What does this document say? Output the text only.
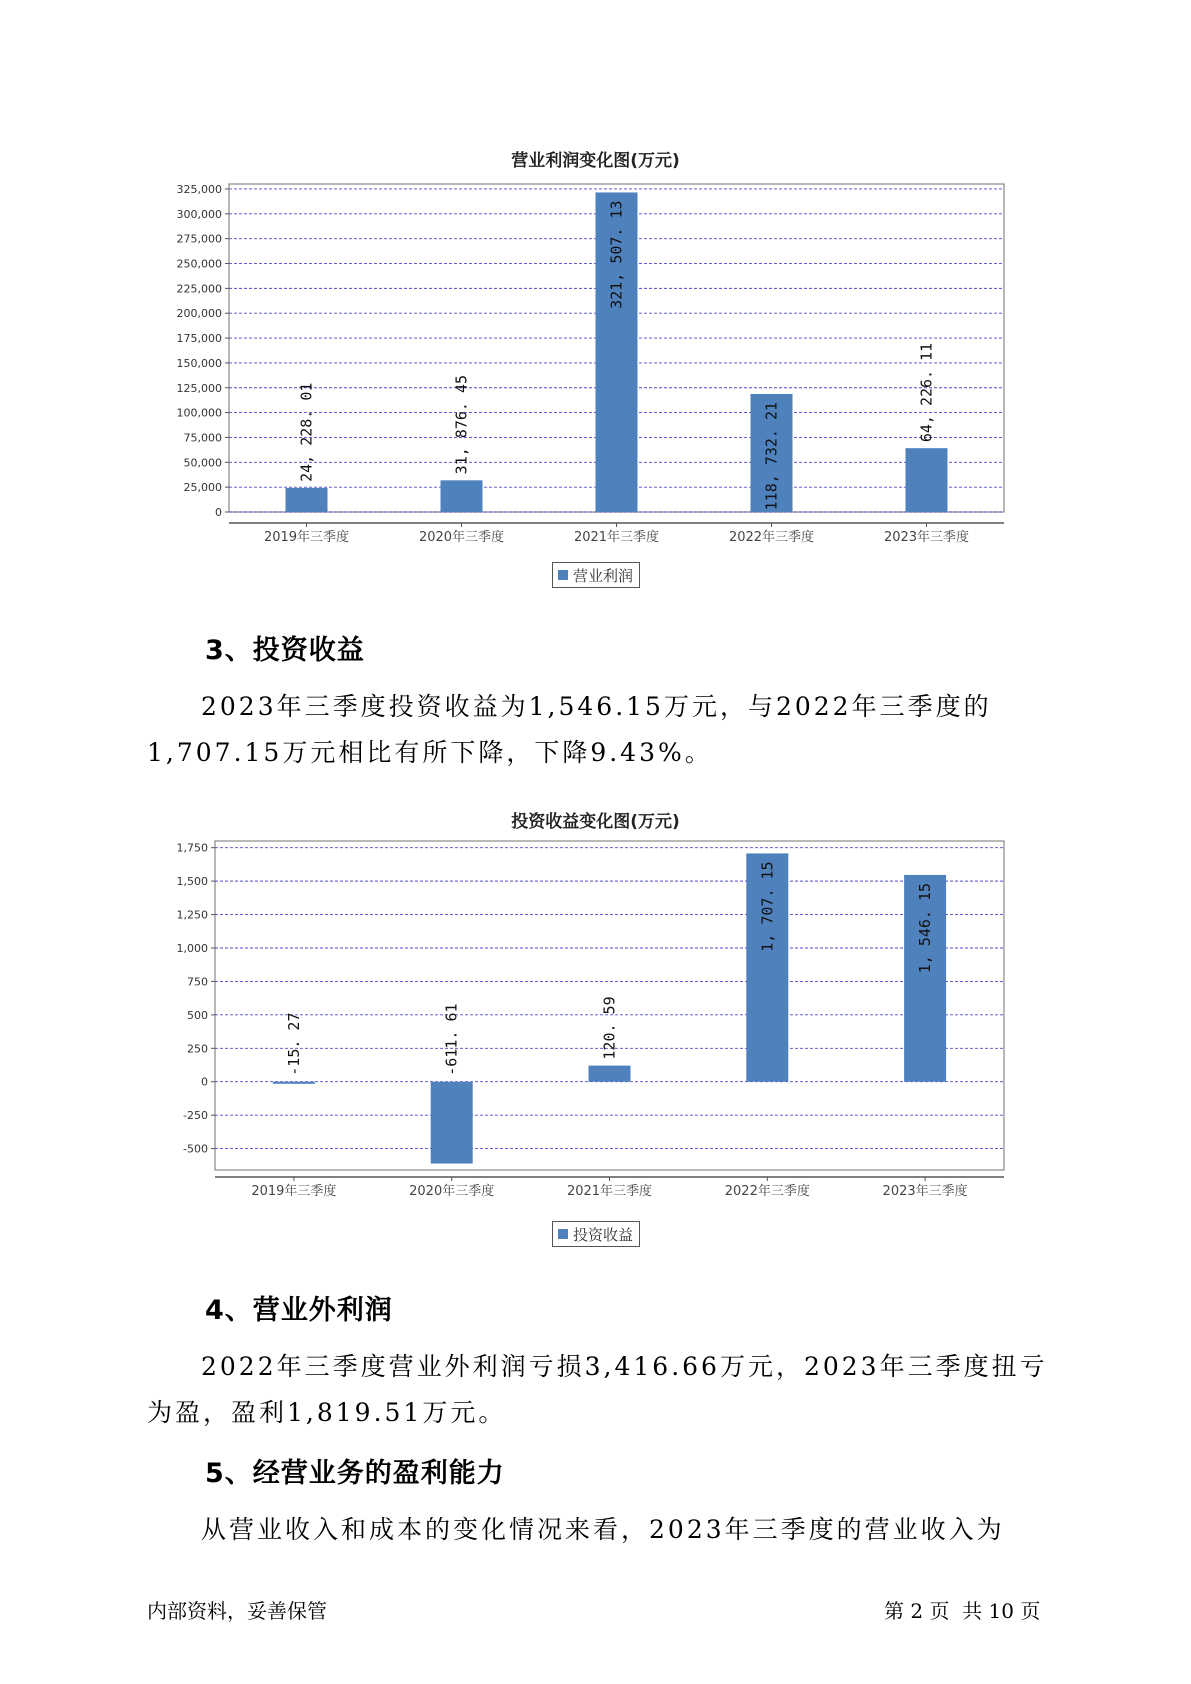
营业利润变化图(万元)
0
25,000
50,000
75,000
100,000
125,000
150,000
175,000
200,000
225,000
250,000
275,000
300,000
325,000
2019年三季度
24, 228. 01
2020年三季度
31, 876. 45
2021年三季度
321, 507. 13
2022年三季度
118, 732. 21
2023年三季度
64, 226. 11
营业利润
3、投资收益

2023年三季度投资收益为1,546.15万元，与2022年三季度的1,707.15万元相比有所下降，下降9.43%。

投资收益变化图(万元)
-500
-250
0
250
500
750
1,000
1,250
1,500
1,750
2019年三季度
-15. 27
2020年三季度
-611. 61
2021年三季度
120. 59
2022年三季度
1, 707. 15
2023年三季度
1, 546. 15
投资收益
4、营业外利润

2022年三季度营业外利润亏损3,416.66万元，2023年三季度扭亏为盈，盈利1,819.51万元。

5、经营业务的盈利能力

从营业收入和成本的变化情况来看，2023年三季度的营业收入为

内部资料，妥善保管	第 2 页  共 10 页
